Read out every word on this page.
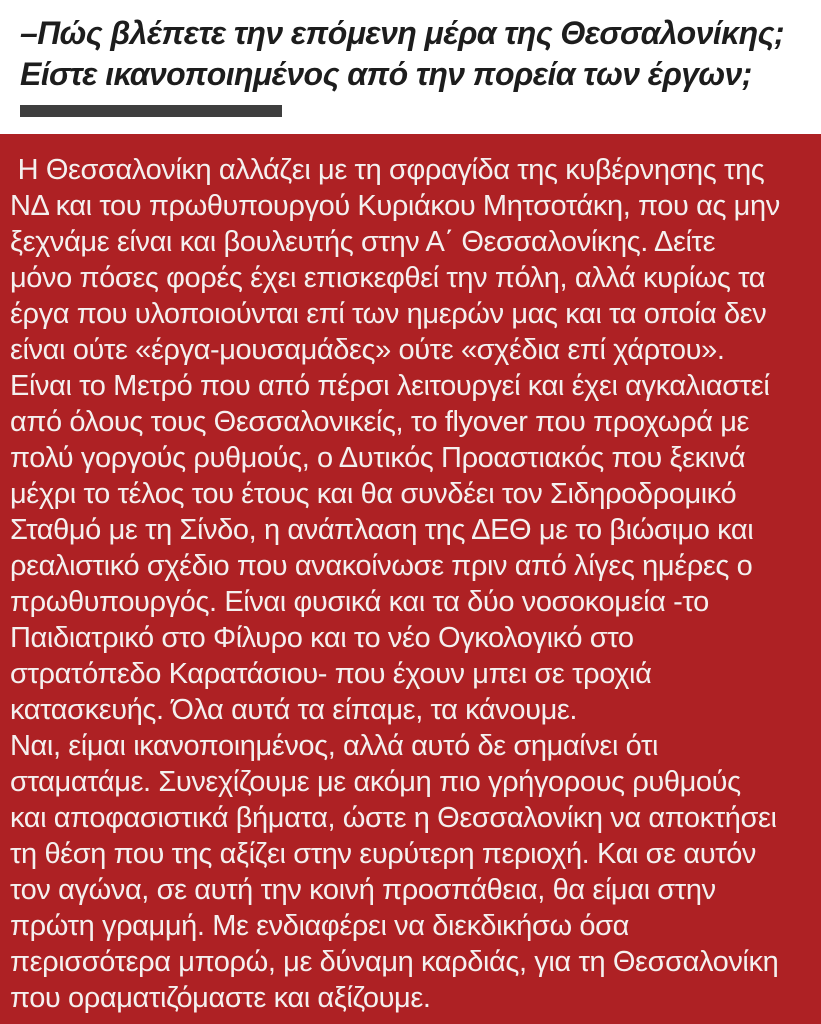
–Πώς βλέπετε την επόμενη μέρα της Θεσσαλονίκης;
Είστε ικανοποιημένος από την πορεία των έργων;
Η Θεσσαλονίκη αλλάζει με τη σφραγίδα της κυβέρνησης της
ΝΔ και του πρωθυπουργού Κυριάκου Μητσοτάκη, που ας μην
ξεχνάμε είναι και βουλευτής στην Α΄ Θεσσαλονίκης. Δείτε
μόνο πόσες φορές έχει επισκεφθεί την πόλη, αλλά κυρίως τα
έργα που υλοποιούνται επί των ημερών μας και τα οποία δεν
είναι ούτε «έργα-μουσαμάδες» ούτε «σχέδια επί χάρτου».
Είναι το Μετρό που από πέρσι λειτουργεί και έχει αγκαλιαστεί
από όλους τους Θεσσαλονικείς, το flyover που προχωρά με
πολύ γοργούς ρυθμούς, ο Δυτικός Προαστιακός που ξεκινά
μέχρι το τέλος του έτους και θα συνδέει τον Σιδηροδρομικό
Σταθμό με τη Σίνδο, η ανάπλαση της ΔΕΘ με το βιώσιμο και
ρεαλιστικό σχέδιο που ανακοίνωσε πριν από λίγες ημέρες ο
πρωθυπουργός. Είναι φυσικά και τα δύο νοσοκομεία -το
Παιδιατρικό στο Φίλυρο και το νέο Ογκολογικό στο
στρατόπεδο Καρατάσιου- που έχουν μπει σε τροχιά
κατασκευής. Όλα αυτά τα είπαμε, τα κάνουμε.
Ναι, είμαι ικανοποιημένος, αλλά αυτό δε σημαίνει ότι
σταματάμε. Συνεχίζουμε με ακόμη πιο γρήγορους ρυθμούς
και αποφασιστικά βήματα, ώστε η Θεσσαλονίκη να αποκτήσει
τη θέση που της αξίζει στην ευρύτερη περιοχή. Και σε αυτόν
τον αγώνα, σε αυτή την κοινή προσπάθεια, θα είμαι στην
πρώτη γραμμή. Με ενδιαφέρει να διεκδικήσω όσα
περισσότερα μπορώ, με δύναμη καρδιάς, για τη Θεσσαλονίκη
που οραματιζόμαστε και αξίζουμε.
